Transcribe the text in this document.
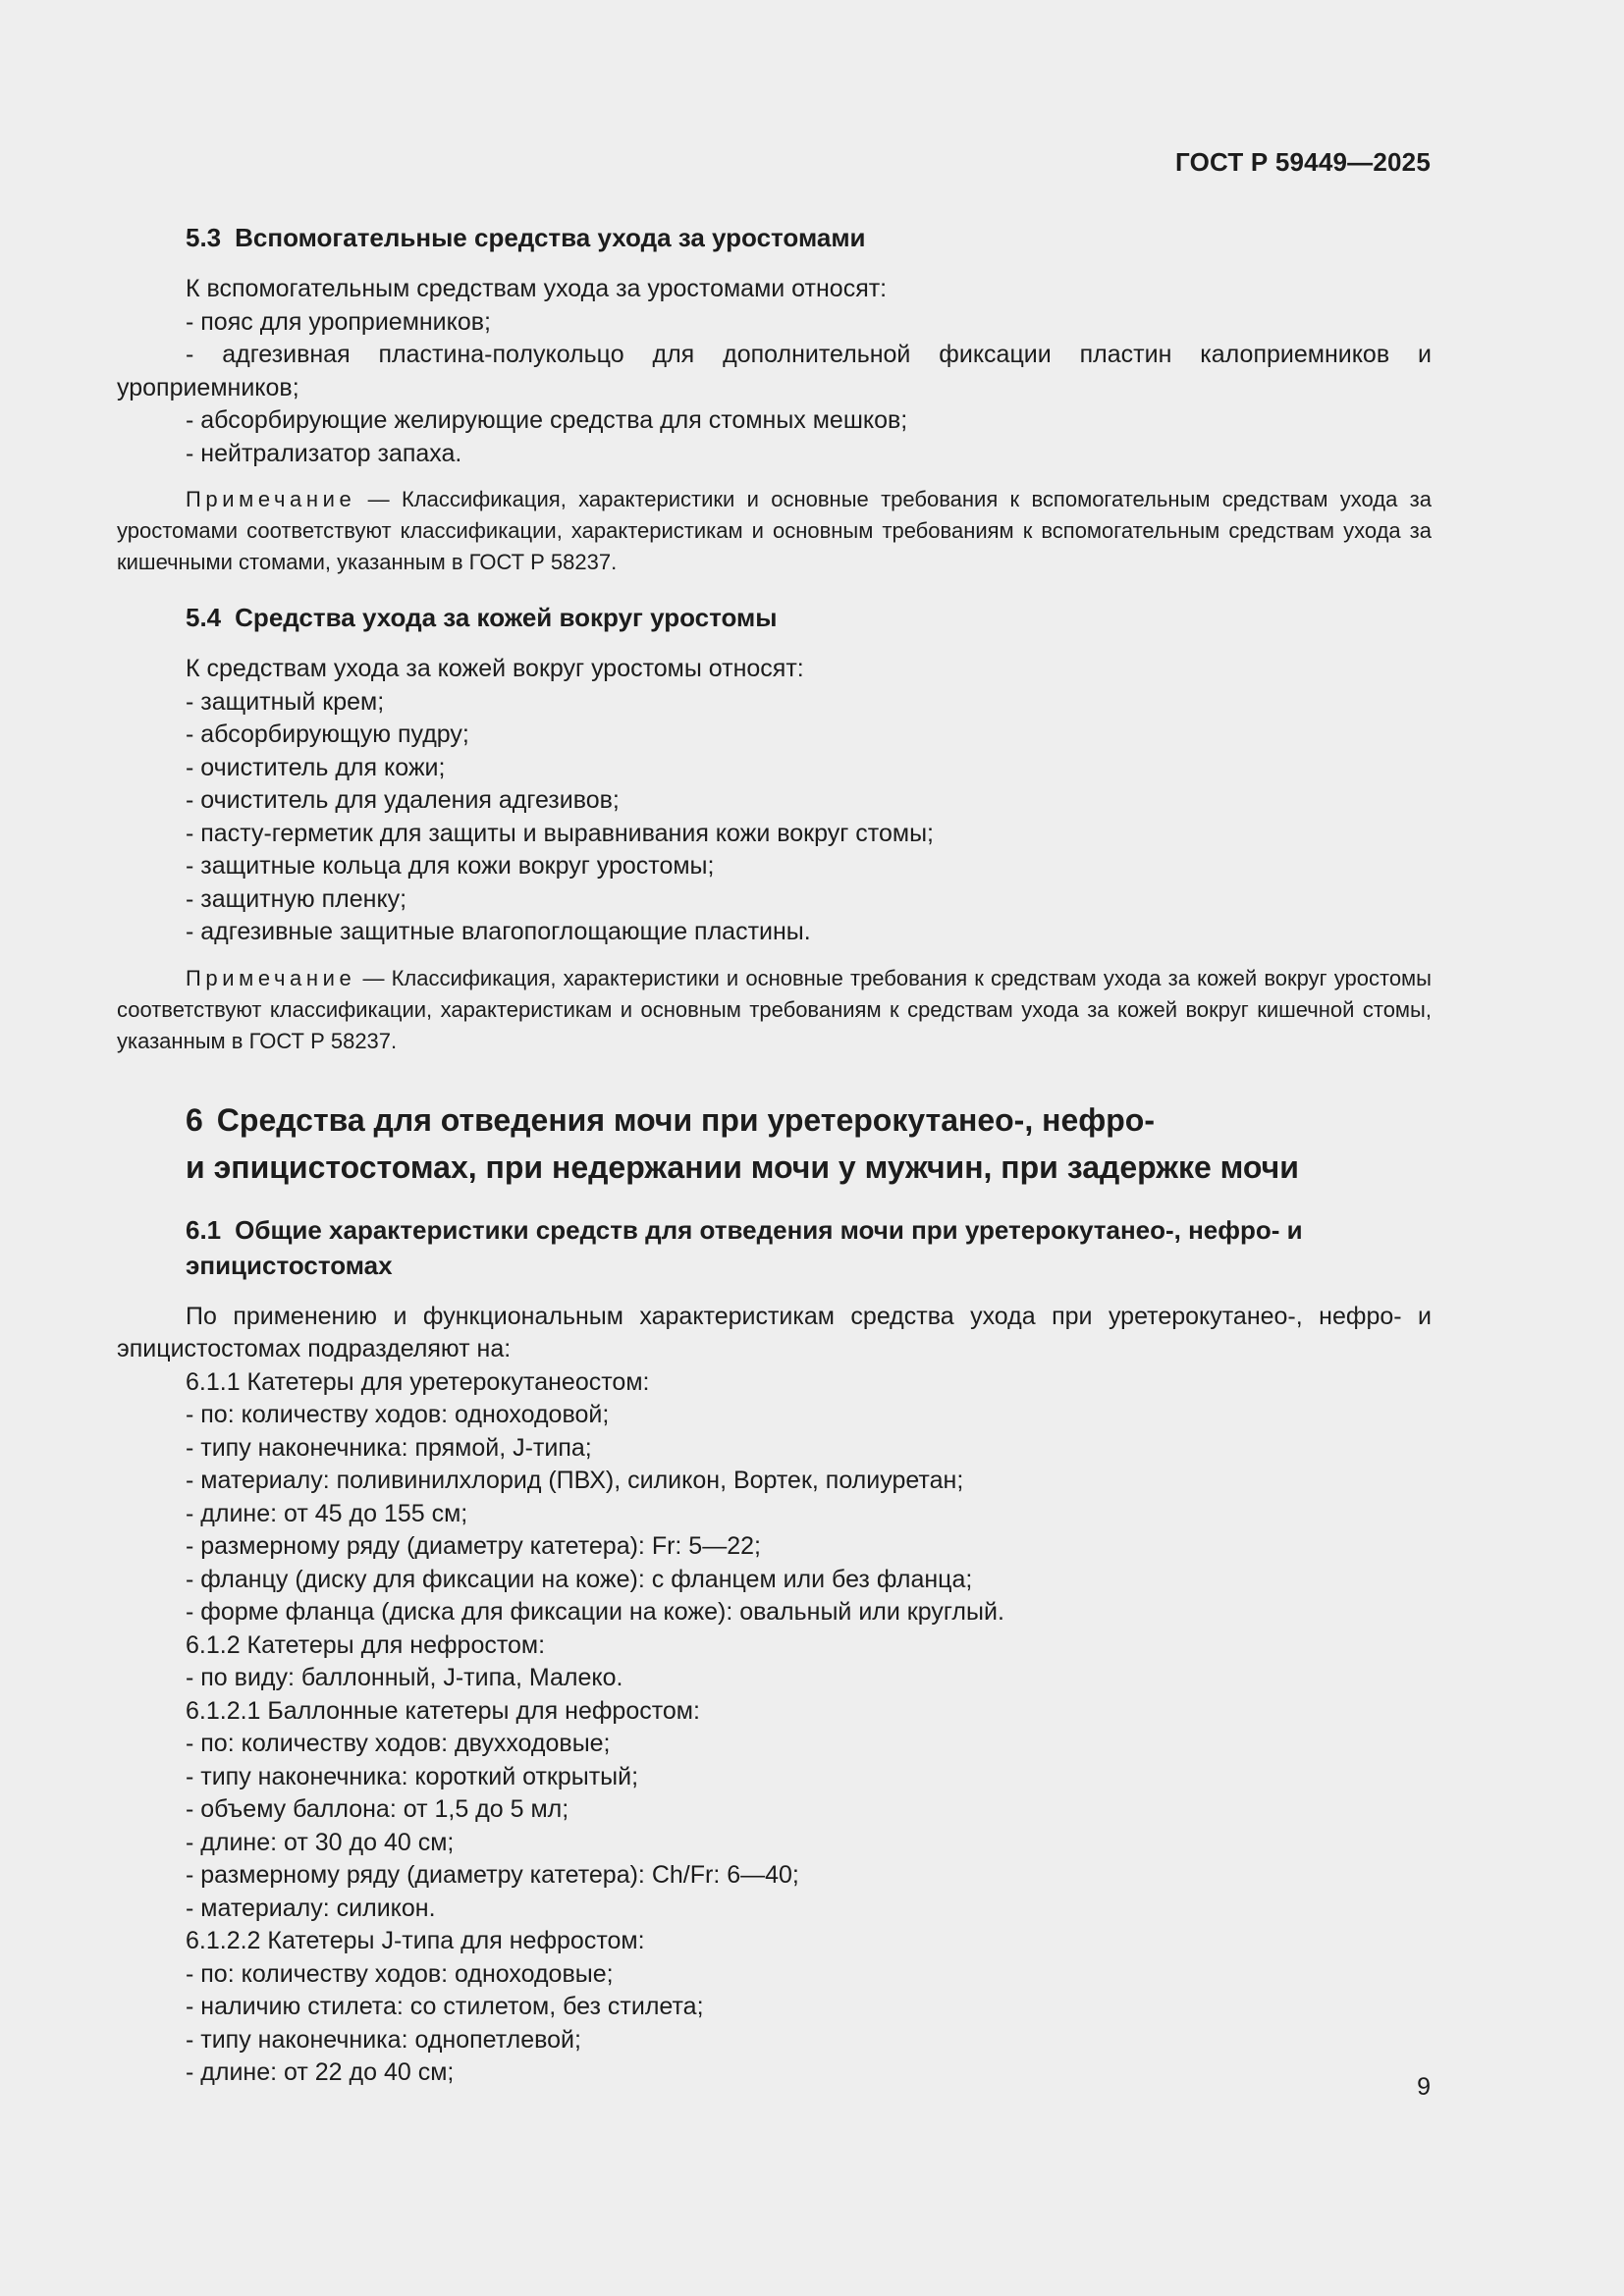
ГОСТ Р 59449—2025
5.3 Вспомогательные средства ухода за уростомами

К вспомогательным средствам ухода за уростомами относят:

- пояс для уроприемников;

- адгезивная пластина-полукольцо для дополнительной фиксации пластин калоприемников и уроприемников;

- абсорбирующие желирующие средства для стомных мешков;

- нейтрализатор запаха.

Примечание — Классификация, характеристики и основные требования к вспомогательным средствам ухода за уростомами соответствуют классификации, характеристикам и основным требованиям к вспомогательным средствам ухода за кишечными стомами, указанным в ГОСТ Р 58237.

5.4 Средства ухода за кожей вокруг уростомы

К средствам ухода за кожей вокруг уростомы относят:

- защитный крем;

- абсорбирующую пудру;

- очиститель для кожи;

- очиститель для удаления адгезивов;

- пасту-герметик для защиты и выравнивания кожи вокруг стомы;

- защитные кольца для кожи вокруг уростомы;

- защитную пленку;

- адгезивные защитные влагопоглощающие пластины.

Примечание — Классификация, характеристики и основные требования к средствам ухода за кожей вокруг уростомы соответствуют классификации, характеристикам и основным требованиям к средствам ухода за кожей вокруг кишечной стомы, указанным в ГОСТ Р 58237.

6 Средства для отведения мочи при уретерокутанео-, нефро-
и эпицистостомах, при недержании мочи у мужчин, при задержке мочи
6.1 Общие характеристики средств для отведения мочи при уретерокутанео-, нефро- и
эпицистостомах

По применению и функциональным характеристикам средства ухода при уретерокутанео-, нефро- и эпицистостомах подразделяют на:

6.1.1 Катетеры для уретерокутанеостом:

- по: количеству ходов: одноходовой;

- типу наконечника: прямой, J-типа;

- материалу: поливинилхлорид (ПВХ), силикон, Вортек, полиуретан;

- длине: от 45 до 155 см;

- размерному ряду (диаметру катетера): Fr: 5—22;

- фланцу (диску для фиксации на коже): с фланцем или без фланца;

- форме фланца (диска для фиксации на коже): овальный или круглый.

6.1.2 Катетеры для нефростом:

- по виду: баллонный, J-типа, Малеко.

6.1.2.1 Баллонные катетеры для нефростом:

- по: количеству ходов: двухходовые;

- типу наконечника: короткий открытый;

- объему баллона: от 1,5 до 5 мл;

- длине: от 30 до 40 см;

- размерному ряду (диаметру катетера): Ch/Fr: 6—40;

- материалу: силикон.

6.1.2.2 Катетеры J-типа для нефростом:

- по: количеству ходов: одноходовые;

- наличию стилета: со стилетом, без стилета;

- типу наконечника: однопетлевой;

- длине: от 22 до 40 см;

9
